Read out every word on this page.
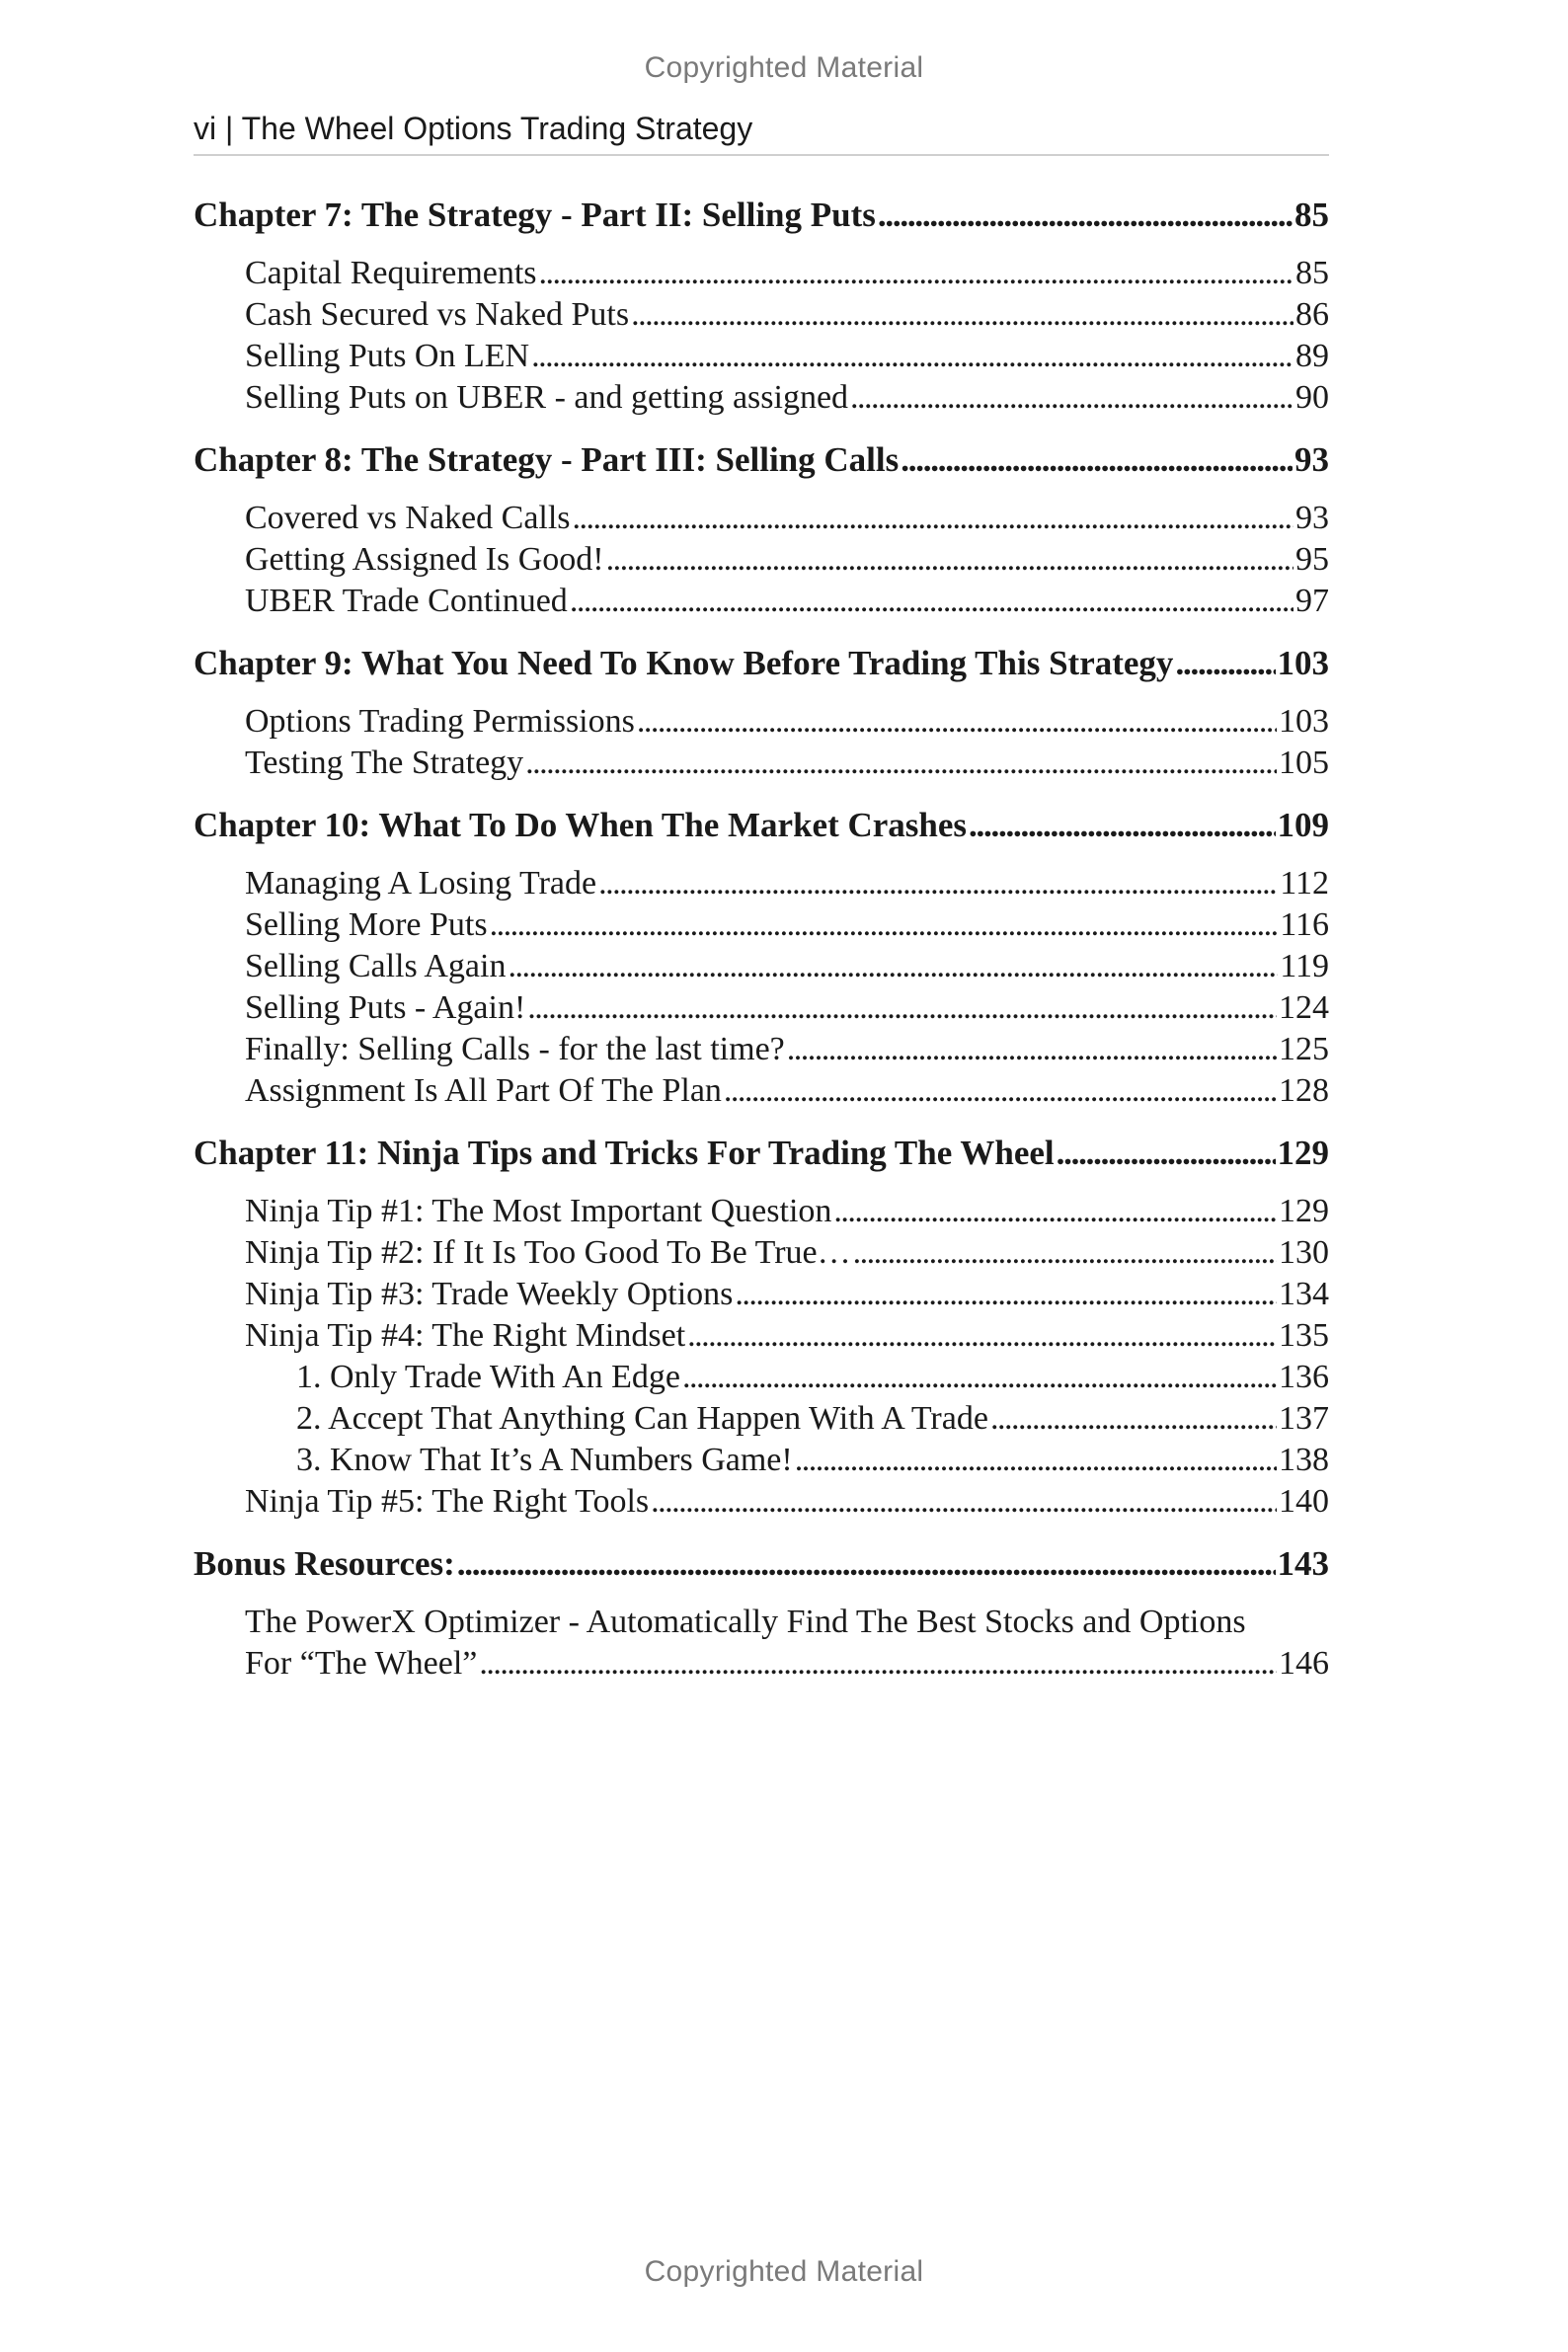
Copyrighted Material
vi | The Wheel Options Trading Strategy
Chapter 7: The Strategy - Part II: Selling Puts . . .	85
Capital Requirements . . .	85
Cash Secured vs Naked Puts . . .	86
Selling Puts On LEN . . .	89
Selling Puts on UBER - and getting assigned . . .	90
Chapter 8: The Strategy - Part III: Selling Calls . . .	93
Covered vs Naked Calls . . .	93
Getting Assigned Is Good! . . .	95
UBER Trade Continued . . .	97
Chapter 9: What You Need To Know Before Trading This Strategy . . .	103
Options Trading Permissions . . .	103
Testing The Strategy . . .	105
Chapter 10: What To Do When The Market Crashes . . .	109
Managing A Losing Trade . . .	112
Selling More Puts . . .	116
Selling Calls Again . . .	119
Selling Puts - Again! . . .	124
Finally: Selling Calls - for the last time? . . .	125
Assignment Is All Part Of The Plan . . .	128
Chapter 11: Ninja Tips and Tricks For Trading The Wheel . . .	129
Ninja Tip #1: The Most Important Question . . .	129
Ninja Tip #2: If It Is Too Good To Be True… . . .	130
Ninja Tip #3: Trade Weekly Options . . .	134
Ninja Tip #4: The Right Mindset . . .	135
1. Only Trade With An Edge . . .	136
2. Accept That Anything Can Happen With A Trade . . .	137
3. Know That It’s A Numbers Game! . . .	138
Ninja Tip #5: The Right Tools . . .	140
Bonus Resources: . . .	143
The PowerX Optimizer - Automatically Find The Best Stocks and Options
For “The Wheel” . . .	146
Copyrighted Material
